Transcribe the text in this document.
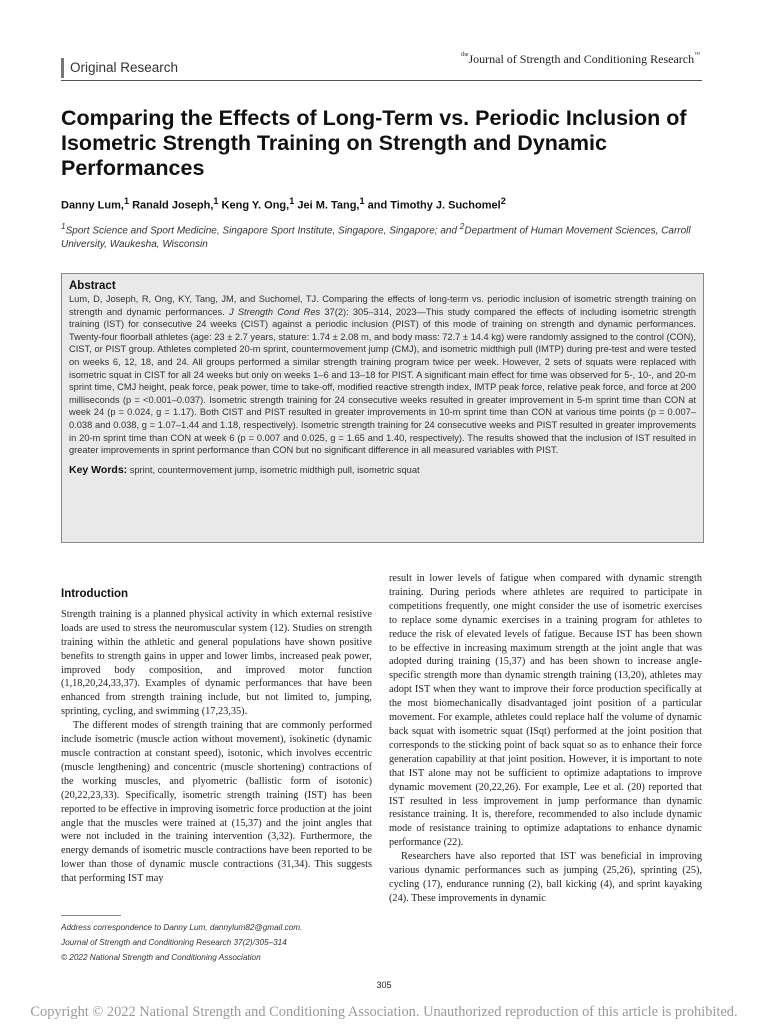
Original Research
$^{the}$Journal of Strength and Conditioning Research™
Comparing the Effects of Long-Term vs. Periodic Inclusion of Isometric Strength Training on Strength and Dynamic Performances
Danny Lum,$^1$ Ranald Joseph,$^1$ Keng Y. Ong,$^1$ Jei M. Tang,$^1$ and Timothy J. Suchomel$^2$
$^1$Sport Science and Sport Medicine, Singapore Sport Institute, Singapore, Singapore; and $^2$Department of Human Movement Sciences, Carroll University, Waukesha, Wisconsin
Abstract

Lum, D, Joseph, R, Ong, KY, Tang, JM, and Suchomel, TJ. Comparing the effects of long-term vs. periodic inclusion of isometric strength training on strength and dynamic performances. J Strength Cond Res 37(2): 305–314, 2023—This study compared the effects of including isometric strength training (IST) for consecutive 24 weeks (CIST) against a periodic inclusion (PIST) of this mode of training on strength and dynamic performances. Twenty-four floorball athletes (age: 23 ± 2.7 years, stature: 1.74 ± 2.08 m, and body mass: 72.7 ± 14.4 kg) were randomly assigned to the control (CON), CIST, or PIST group. Athletes completed 20-m sprint, countermovement jump (CMJ), and isometric midthigh pull (IMTP) during pre-test and were tested on weeks 6, 12, 18, and 24. All groups performed a similar strength training program twice per week. However, 2 sets of squats were replaced with isometric squat in CIST for all 24 weeks but only on weeks 1–6 and 13–18 for PIST. A significant main effect for time was observed for 5-, 10-, and 20-m sprint time, CMJ height, peak force, peak power, time to take-off, modified reactive strength index, IMTP peak force, relative peak force, and force at 200 milliseconds (p = <0.001–0.037). Isometric strength training for 24 consecutive weeks resulted in greater improvement in 5-m sprint time than CON at week 24 (p = 0.024, g = 1.17). Both CIST and PIST resulted in greater improvements in 10-m sprint time than CON at various time points (p = 0.007–0.038 and 0.038, g = 1.07–1.44 and 1.18, respectively). Isometric strength training for 24 consecutive weeks and PIST resulted in greater improvements in 20-m sprint time than CON at week 6 (p = 0.007 and 0.025, g = 1.65 and 1.40, respectively). The results showed that the inclusion of IST resulted in greater improvements in sprint performance than CON but no significant difference in all measured variables with PIST.

Key Words: sprint, countermovement jump, isometric midthigh pull, isometric squat
Introduction

Strength training is a planned physical activity in which external resistive loads are used to stress the neuromuscular system (12). Studies on strength training within the athletic and general populations have shown positive benefits to strength gains in upper and lower limbs, increased peak power, improved body composition, and improved motor function (1,18,20,24,33,37). Examples of dynamic performances that have been enhanced from strength training include, but not limited to, jumping, sprinting, cycling, and swimming (17,23,35).

The different modes of strength training that are commonly performed include isometric (muscle action without movement), isokinetic (dynamic muscle contraction at constant speed), isotonic, which involves eccentric (muscle lengthening) and concentric (muscle shortening) contractions of the working muscles, and plyometric (ballistic form of isotonic) (20,22,23,33). Specifically, isometric strength training (IST) has been reported to be effective in improving isometric force production at the joint angle that the muscles were trained at (15,37) and the joint angles that were not included in the training intervention (3,32). Furthermore, the energy demands of isometric muscle contractions have been reported to be lower than those of dynamic muscle contractions (31,34). This suggests that performing IST may

result in lower levels of fatigue when compared with dynamic strength training. During periods where athletes are required to participate in competitions frequently, one might consider the use of isometric exercises to replace some dynamic exercises in a training program for athletes to reduce the risk of elevated levels of fatigue. Because IST has been shown to be effective in increasing maximum strength at the joint angle that was adopted during training (15,37) and has been shown to increase angle-specific strength more than dynamic strength training (13,20), athletes may adopt IST when they want to improve their force production specifically at the most biomechanically disadvantaged joint position of a particular movement. For example, athletes could replace half the volume of dynamic back squat with isometric squat (ISqt) performed at the joint position that corresponds to the sticking point of back squat so as to enhance their force generation capability at that joint position. However, it is important to note that IST alone may not be sufficient to optimize adaptations to improve dynamic movement (20,22,26). For example, Lee et al. (20) reported that IST resulted in less improvement in jump performance than dynamic resistance training. It is, therefore, recommended to also include dynamic mode of resistance training to optimize adaptations to enhance dynamic performance (22).

Researchers have also reported that IST was beneficial in improving various dynamic performances such as jumping (25,26), sprinting (25), cycling (17), endurance running (2), ball kicking (4), and sprint kayaking (24). These improvements in dynamic

Address correspondence to Danny Lum, dannylum82@gmail.com.
Journal of Strength and Conditioning Research 37(2)/305–314
© 2022 National Strength and Conditioning Association
305
Copyright © 2022 National Strength and Conditioning Association. Unauthorized reproduction of this article is prohibited.
